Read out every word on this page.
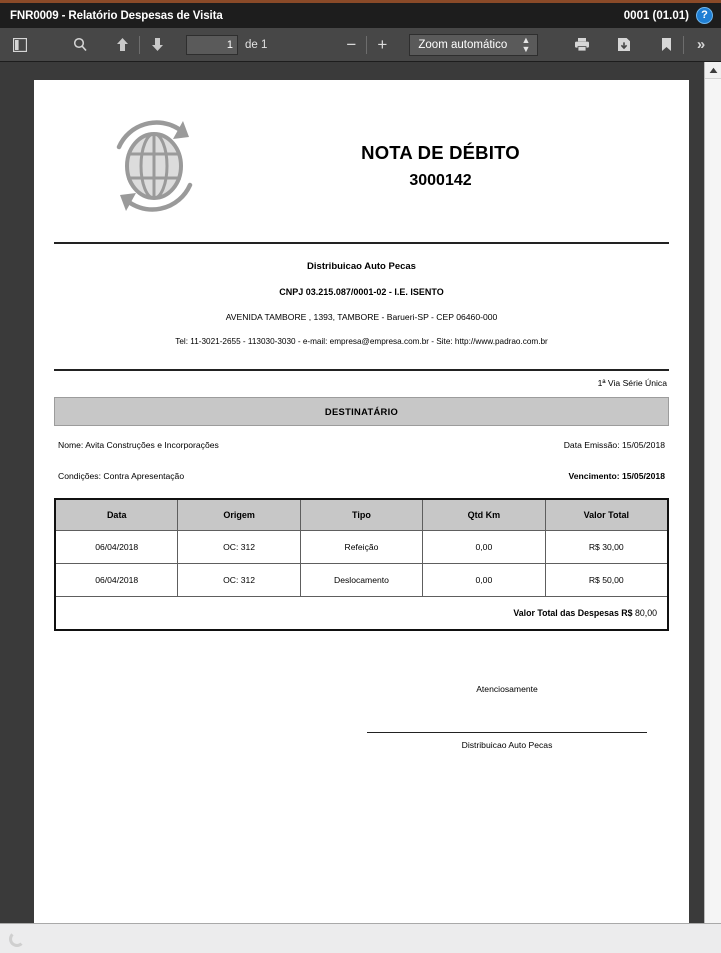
FNR0009 - Relatório Despesas de Visita	0001 (01.01)	?
1
de 1	−	+	Zoom automático ▲
▼	»
NOTA DE DÉBITO
3000142
Distribuicao Auto Pecas
CNPJ 03.215.087/0001-02 - I.E. ISENTO
AVENIDA TAMBORE , 1393, TAMBORE - Barueri-SP - CEP 06460-000
Tel: 11-3021-2655 - 113030-3030 - e-mail: empresa@empresa.com.br - Site: http://www.padrao.com.br
1ª Via Série Única
DESTINATÁRIO
Nome: Avita Construções e Incorporações	Data Emissão: 15/05/2018
Condições: Contra Apresentação	Vencimento: 15/05/2018
Data	Origem	Tipo	Qtd Km	Valor Total
06/04/2018	OC: 312	Refeição	0,00	R$ 30,00
06/04/2018	OC: 312	Deslocamento	0,00	R$ 50,00
Valor Total das Despesas R$ 80,00				
Atenciosamente
Distribuicao Auto Pecas
